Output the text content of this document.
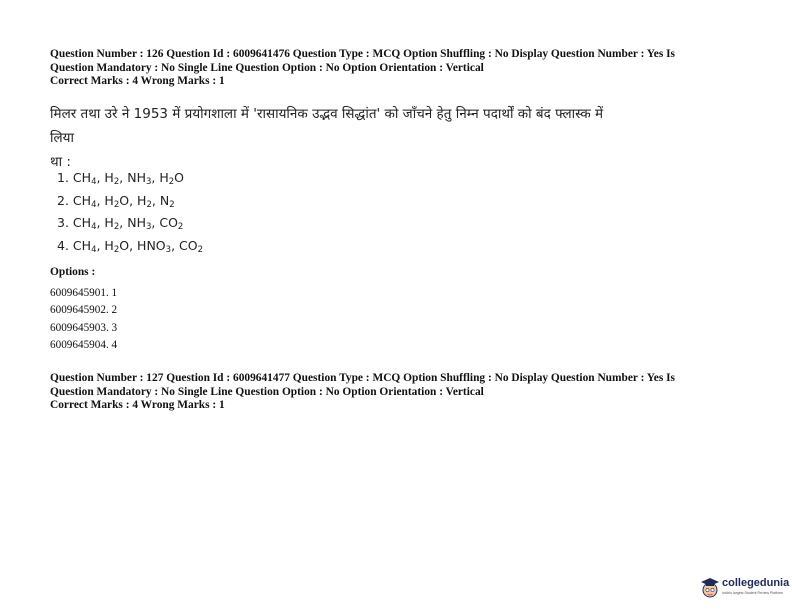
Question Number : 126 Question Id : 6009641476 Question Type : MCQ Option Shuffling : No Display Question Number : Yes Is
Question Mandatory : No Single Line Question Option : No Option Orientation : Vertical
Correct Marks : 4 Wrong Marks : 1
मिलर तथा उरे ने 1953 में प्रयोगशाला में 'रासायनिक उद्भव सिद्धांत' को जाँचने हेतु निम्न पदार्थों को बंद फ्लास्क में लिया
था :
1. $CH_4$, $H_2$, $NH_3$, $H_2O$
2. $CH_4$, $H_2O$, $H_2$, $N_2$
3. $CH_4$, $H_2$, $NH_3$, $CO_2$
4. $CH_4$, $H_2O$, $HNO_3$, $CO_2$
Options :
6009645901. 1
6009645902. 2
6009645903. 3
6009645904. 4
Question Number : 127 Question Id : 6009641477 Question Type : MCQ Option Shuffling : No Display Question Number : Yes Is
Question Mandatory : No Single Line Question Option : No Option Orientation : Vertical
Correct Marks : 4 Wrong Marks : 1
collegedunia
India's largest Student Review Platform
